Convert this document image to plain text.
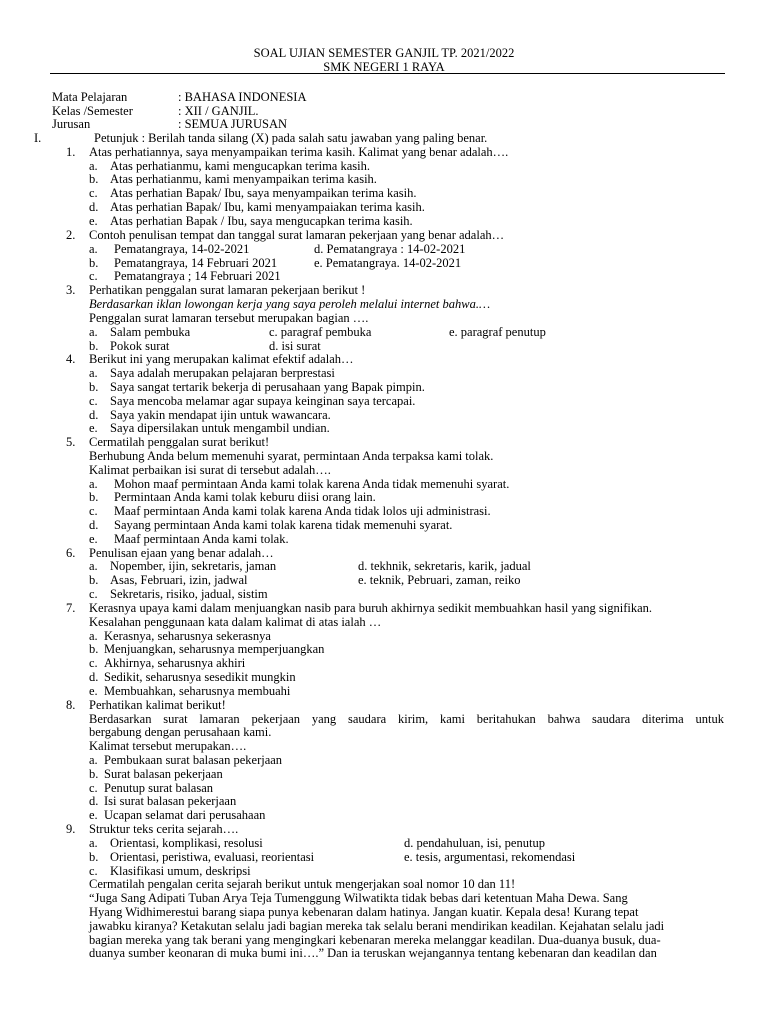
SOAL UJIAN SEMESTER GANJIL TP. 2021/2022
SMK NEGERI 1 RAYA
Mata Pelajaran	: BAHASA INDONESIA
Kelas /Semester	: XII / GANJIL.
Jurusan	: SEMUA JURUSAN
I.	Petunjuk : Berilah tanda silang (X) pada salah satu jawaban yang paling benar.
1. Atas perhatiannya, saya menyampaikan terima kasih. Kalimat yang benar adalah….
a. Atas perhatianmu, kami mengucapkan terima kasih.
b. Atas perhatianmu, kami menyampaikan terima kasih.
c. Atas perhatian Bapak/ Ibu, saya menyampaikan terima kasih.
d. Atas perhatian Bapak/ Ibu, kami menyampaiakan terima kasih.
e. Atas perhatian Bapak / Ibu, saya mengucapkan terima kasih.
2. Contoh penulisan tempat dan tanggal surat lamaran pekerjaan yang benar adalah…
a. Pematangraya, 14-02-2021	d. Pematangraya : 14-02-2021
b. Pematangraya, 14 Februari 2021	e. Pematangraya. 14-02-2021
c. Pematangraya ; 14 Februari 2021
3. Perhatikan penggalan surat lamaran pekerjaan berikut !
Berdasarkan iklan lowongan kerja yang saya peroleh melalui internet bahwa.…
Penggalan surat lamaran tersebut merupakan bagian ….
a. Salam pembuka	c. paragraf pembuka	e. paragraf penutup
b. Pokok surat	d. isi surat
4. Berikut ini yang merupakan kalimat efektif adalah…
a. Saya adalah merupakan pelajaran berprestasi
b. Saya sangat tertarik bekerja di perusahaan yang Bapak pimpin.
c. Saya mencoba melamar agar supaya keinginan saya tercapai.
d. Saya yakin mendapat ijin untuk wawancara.
e. Saya dipersilakan untuk mengambil undian.
5. Cermatilah penggalan surat berikut!
Berhubung Anda belum memenuhi syarat, permintaan Anda terpaksa kami tolak.
Kalimat perbaikan isi surat di tersebut adalah….
a. Mohon maaf permintaan Anda kami tolak karena Anda tidak memenuhi syarat.
b. Permintaan Anda kami tolak keburu diisi orang lain.
c. Maaf permintaan Anda kami tolak karena Anda tidak lolos uji administrasi.
d. Sayang permintaan Anda kami tolak karena tidak memenuhi syarat.
e. Maaf permintaan Anda kami tolak.
6. Penulisan ejaan yang benar adalah…
a. Nopember, ijin, sekretaris, jaman	d. tekhnik, sekretaris, karik, jadual
b. Asas, Februari, izin, jadwal	e. teknik, Pebruari, zaman, reiko
c. Sekretaris, risiko, jadual, sistim
7. Kerasnya upaya kami dalam menjuangkan nasib para buruh akhirnya sedikit membuahkan hasil yang signifikan.
Kesalahan penggunaan kata dalam kalimat di atas ialah …
a. Kerasnya, seharusnya sekerasnya
b. Menjuangkan, seharusnya memperjuangkan
c. Akhirnya, seharusnya akhiri
d. Sedikit, seharusnya sesedikit mungkin
e. Membuahkan, seharusnya membuahi
8. Perhatikan kalimat berikut!
Berdasarkan surat lamaran pekerjaan yang saudara kirim, kami beritahukan bahwa saudara diterima untuk
bergabung dengan perusahaan kami.
Kalimat tersebut merupakan….
a. Pembukaan surat balasan pekerjaan
b. Surat balasan pekerjaan
c. Penutup surat balasan
d. Isi surat balasan pekerjaan
e. Ucapan selamat dari perusahaan
9. Struktur teks cerita sejarah….
a. Orientasi, komplikasi, resolusi	d. pendahuluan, isi, penutup
b. Orientasi, peristiwa, evaluasi, reorientasi	e. tesis, argumentasi, rekomendasi
c. Klasifikasi umum, deskripsi
Cermatilah pengalan cerita sejarah berikut untuk mengerjakan soal nomor 10 dan 11!
“Juga Sang Adipati Tuban Arya Teja Tumenggung Wilwatikta tidak bebas dari ketentuan Maha Dewa. Sang
Hyang Widhimerestui barang siapa punya kebenaran dalam hatinya. Jangan kuatir. Kepala desa! Kurang tepat
jawabku kiranya? Ketakutan selalu jadi bagian mereka tak selalu berani mendirikan keadilan. Kejahatan selalu jadi
bagian mereka yang tak berani yang mengingkari kebenaran mereka melanggar keadilan. Dua-duanya busuk, dua-
duanya sumber keonaran di muka bumi ini….” Dan ia teruskan wejangannya tentang kebenaran dan keadilan dan
